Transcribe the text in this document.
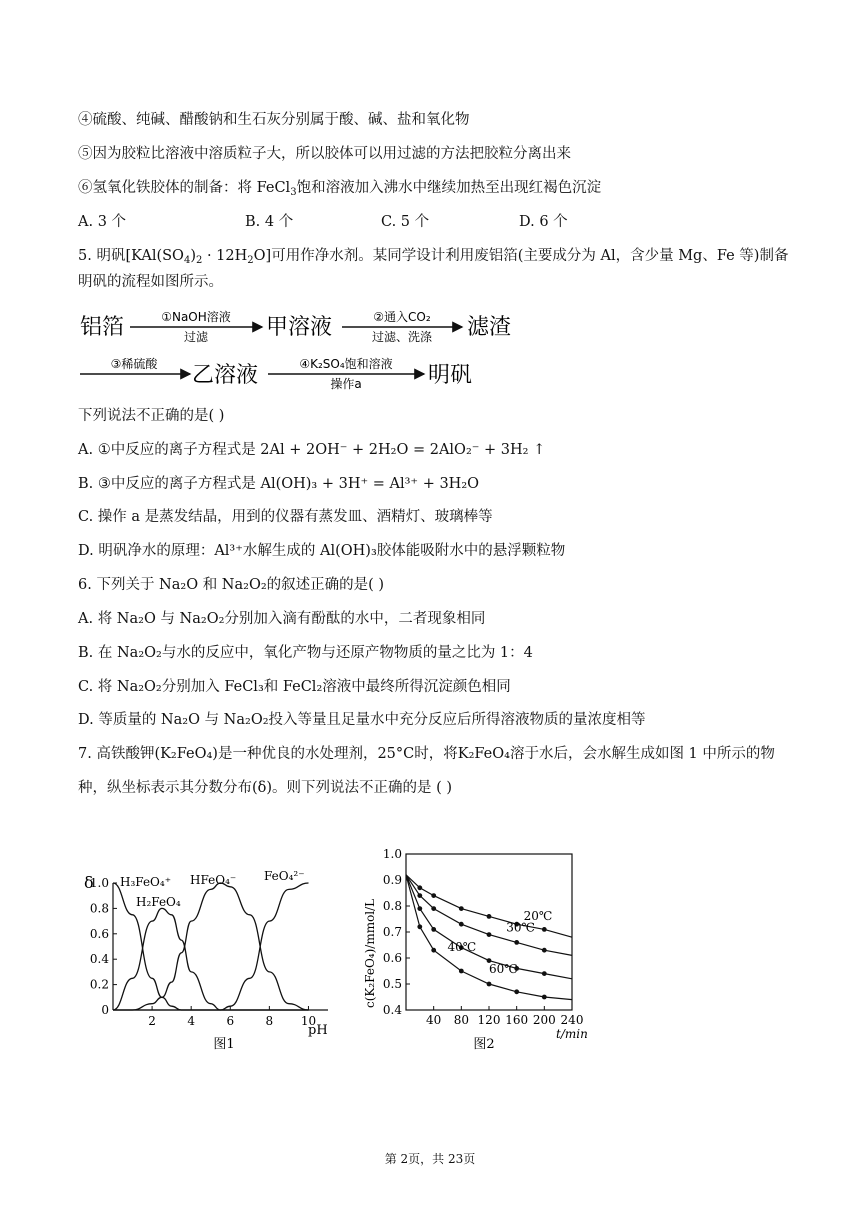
④硫酸、纯碱、醋酸钠和生石灰分别属于酸、碱、盐和氧化物
⑤因为胶粒比溶液中溶质粒子大，所以胶体可以用过滤的方法把胶粒分离出来
⑥氢氧化铁胶体的制备：将 FeCl$_3$饱和溶液加入沸水中继续加热至出现红褐色沉淀
A. 3 个	B. 4 个	C. 5 个	D. 6 个
5. 明矾$[KAl(SO_4)_2 \cdot 12H_2O]$可用作净水剂。某同学设计利用废铝箔(主要成分为 Al，含少量 Mg、Fe 等)制备
明矾的流程如图所示。
铝箔	①NaOH溶液
过滤	甲溶液	②通入CO₂
过滤、洗涤 滤渣
③稀硫酸 乙溶液	④K₂SO₄饱和溶液
操作a	明矾
下列说法不正确的是( )
A. ①中反应的离子方程式是 2Al + 2OH⁻ + 2H₂O = 2AlO₂⁻ + 3H₂ ↑
B. ③中反应的离子方程式是 Al(OH)₃ + 3H⁺ = Al³⁺ + 3H₂O
C. 操作 a 是蒸发结晶，用到的仪器有蒸发皿、酒精灯、玻璃棒等
D. 明矾净水的原理：Al³⁺水解生成的 Al(OH)₃胶体能吸附水中的悬浮颗粒物
6. 下列关于 Na₂O 和 Na₂O₂的叙述正确的是( )
A. 将 Na₂O 与 Na₂O₂分别加入滴有酚酞的水中，二者现象相同
B. 在 Na₂O₂与水的反应中，氧化产物与还原产物物质的量之比为 1：4
C. 将 Na₂O₂分别加入 FeCl₃和 FeCl₂溶液中最终所得沉淀颜色相同
D. 等质量的 Na₂O 与 Na₂O₂投入等量且足量水中充分反应后所得溶液物质的量浓度相等
7. 高铁酸钾(K₂FeO₄)是一种优良的水处理剂，25°C时，将K₂FeO₄溶于水后，会水解生成如图 1 中所示的物
种，纵坐标表示其分数分布(δ)。则下列说法不正确的是 ( )
δ
pH
图1
H₃FeO₄⁺
H₂FeO₄
HFeO₄⁻ FeO₄²⁻
1.0
0.8
0.6
0.4
0.2
0
2	4	6	8 10
c(K₂FeO₄)/mmol/L
t/min
图2
1.0
0.9
0.8
0.7
0.6
0.5
0.4
40 80 120 160 200 240
20℃
30℃
40℃
60℃
第 2页，共 23页
